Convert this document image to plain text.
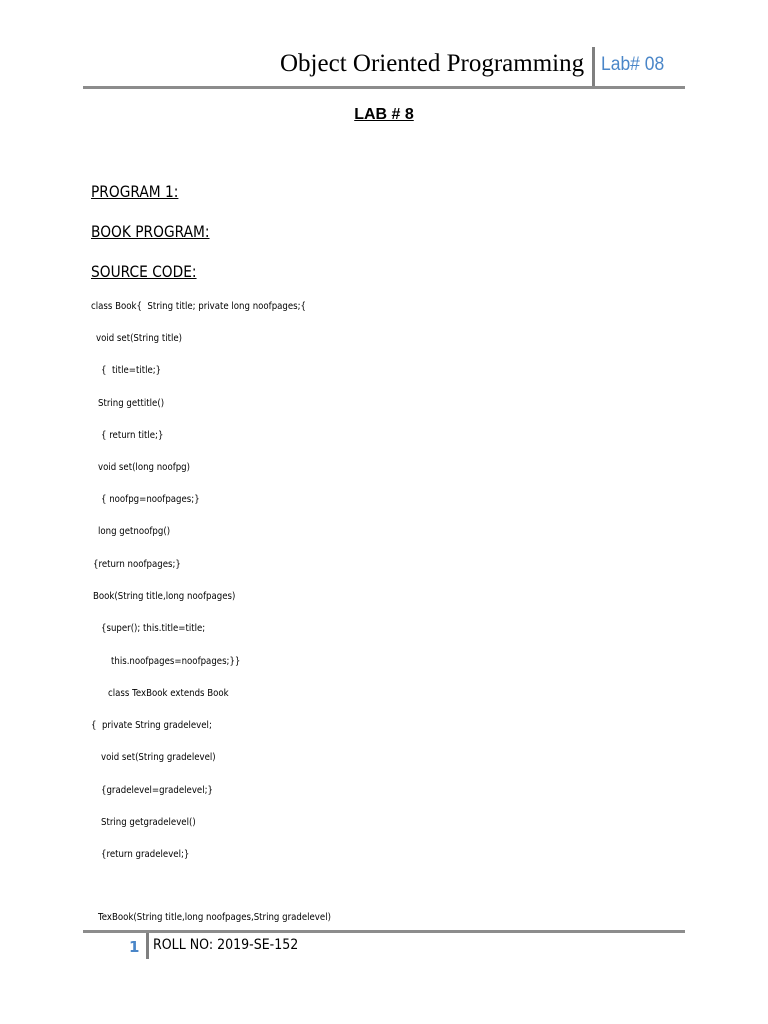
Object Oriented Programming Lab# 08
LAB # 8
PROGRAM 1:
BOOK PROGRAM:
SOURCE CODE:
class Book{  String title; private long noofpages;{
void set(String title)
{  title=title;}
String gettitle()
{ return title;}
void set(long noofpg)
{ noofpg=noofpages;}
long getnoofpg()
{return noofpages;}
Book(String title,long noofpages)
{super(); this.title=title;
this.noofpages=noofpages;}}
class TexBook extends Book
{  private String gradelevel;
void set(String gradelevel)
{gradelevel=gradelevel;}
String getgradelevel()
{return gradelevel;}
TexBook(String title,long noofpages,String gradelevel)
1 ROLL NO: 2019-SE-152
